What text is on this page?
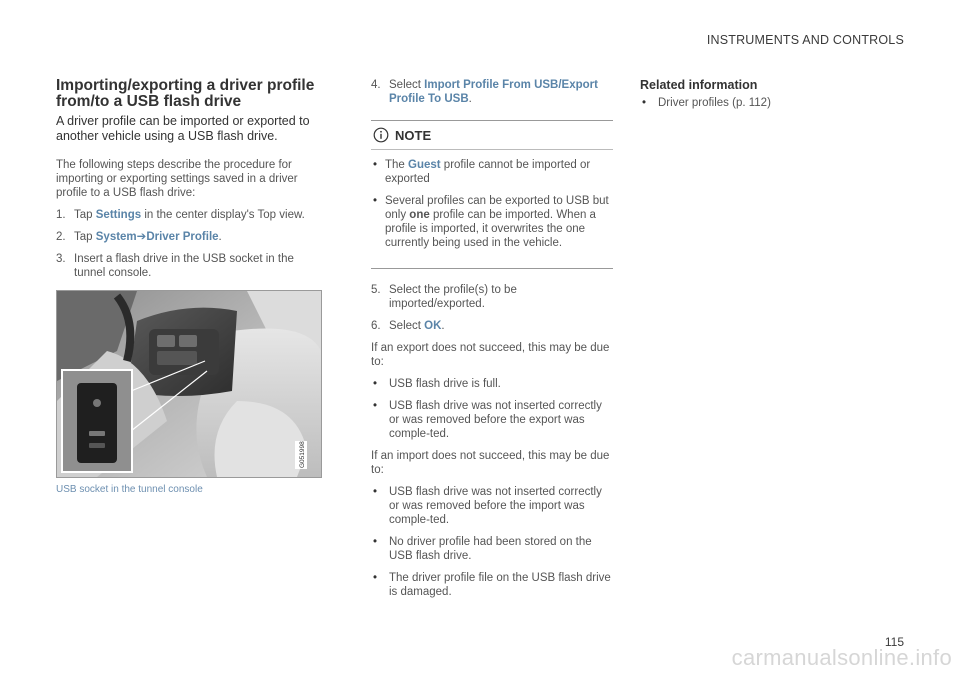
INSTRUMENTS AND CONTROLS
Importing/exporting a driver profile from/to a USB flash drive

A driver profile can be imported or exported to another vehicle using a USB flash drive.

The following steps describe the procedure for importing or exporting settings saved in a driver profile to a USB flash drive:

1. Tap Settings in the center display's Top view.
2. Tap System➔Driver Profile.
3. Insert a flash drive in the USB socket in the tunnel console.
G051998
USB socket in the tunnel console
4. Select Import Profile From USB/Export Profile To USB.
NOTE
• The Guest profile cannot be imported or exported
• Several profiles can be exported to USB but only one profile can be imported. When a profile is imported, it overwrites the one currently being used in the vehicle.
5. Select the profile(s) to be imported/exported.
6. Select OK.

If an export does not succeed, this may be due to:

• USB flash drive is full.
• USB flash drive was not inserted correctly or was removed before the export was comple-ted.

If an import does not succeed, this may be due to:

• USB flash drive was not inserted correctly or was removed before the import was comple-ted.
• No driver profile had been stored on the USB flash drive.
• The driver profile file on the USB flash drive is damaged.
Related information
• Driver profiles (p. 112)
115
carmanualsonline.info
